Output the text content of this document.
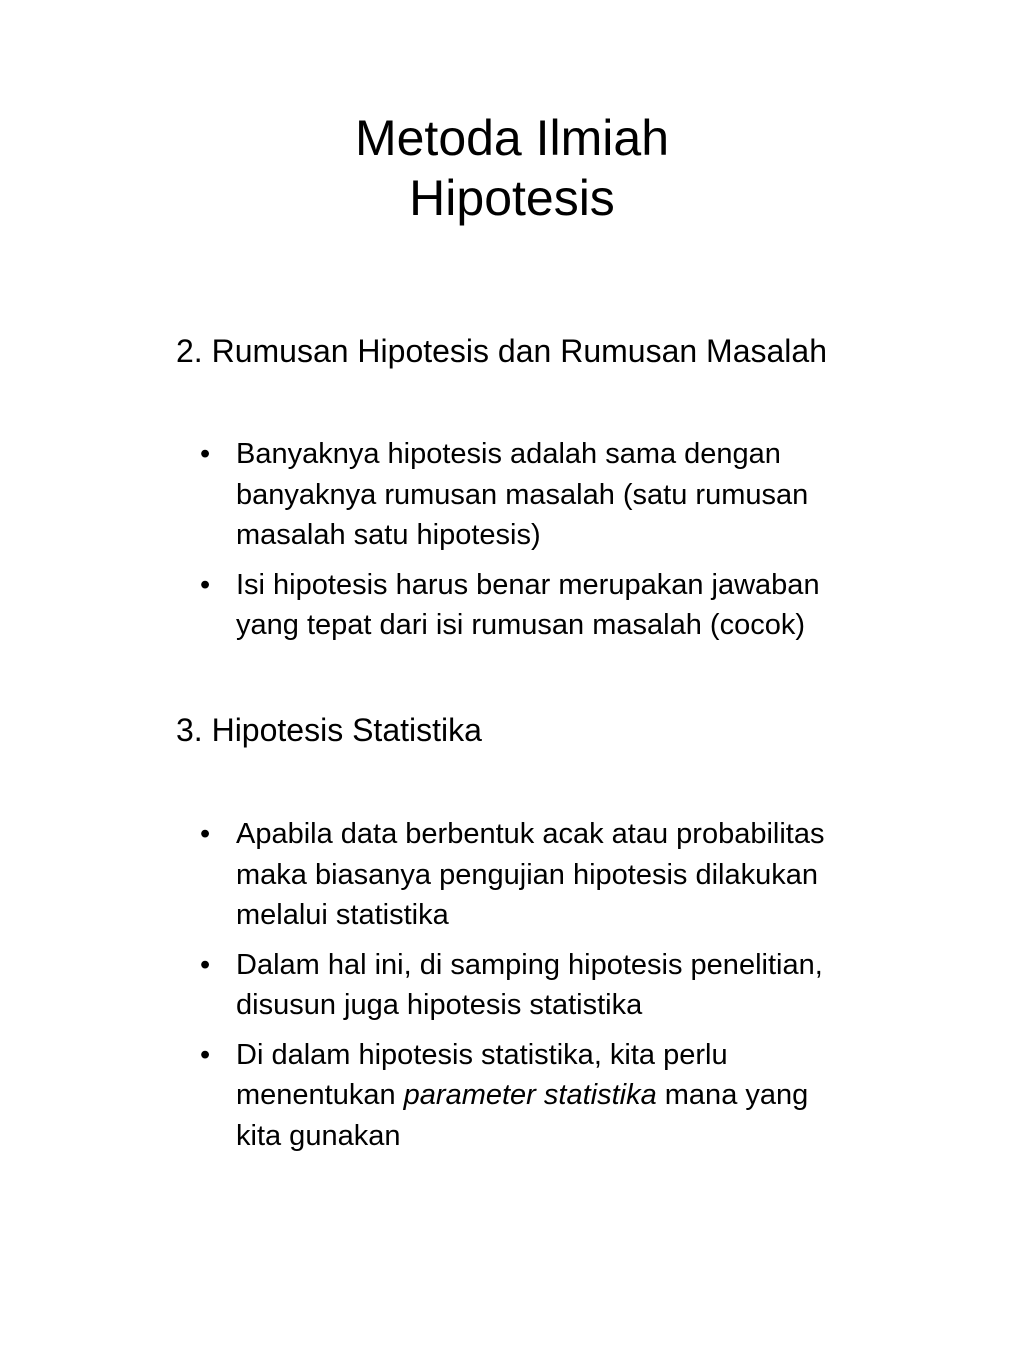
Metoda Ilmiah
Hipotesis
2. Rumusan Hipotesis dan Rumusan Masalah
• Banyaknya hipotesis adalah sama dengan
banyaknya rumusan masalah (satu rumusan
masalah satu hipotesis)
• Isi hipotesis harus benar merupakan jawaban
yang tepat dari isi rumusan masalah (cocok)
3. Hipotesis Statistika
• Apabila data berbentuk acak atau probabilitas
maka biasanya pengujian hipotesis dilakukan
melalui statistika
• Dalam hal ini, di samping hipotesis penelitian,
disusun juga hipotesis statistika
• Di dalam hipotesis statistika, kita perlu
menentukan parameter statistika mana yang
kita gunakan
